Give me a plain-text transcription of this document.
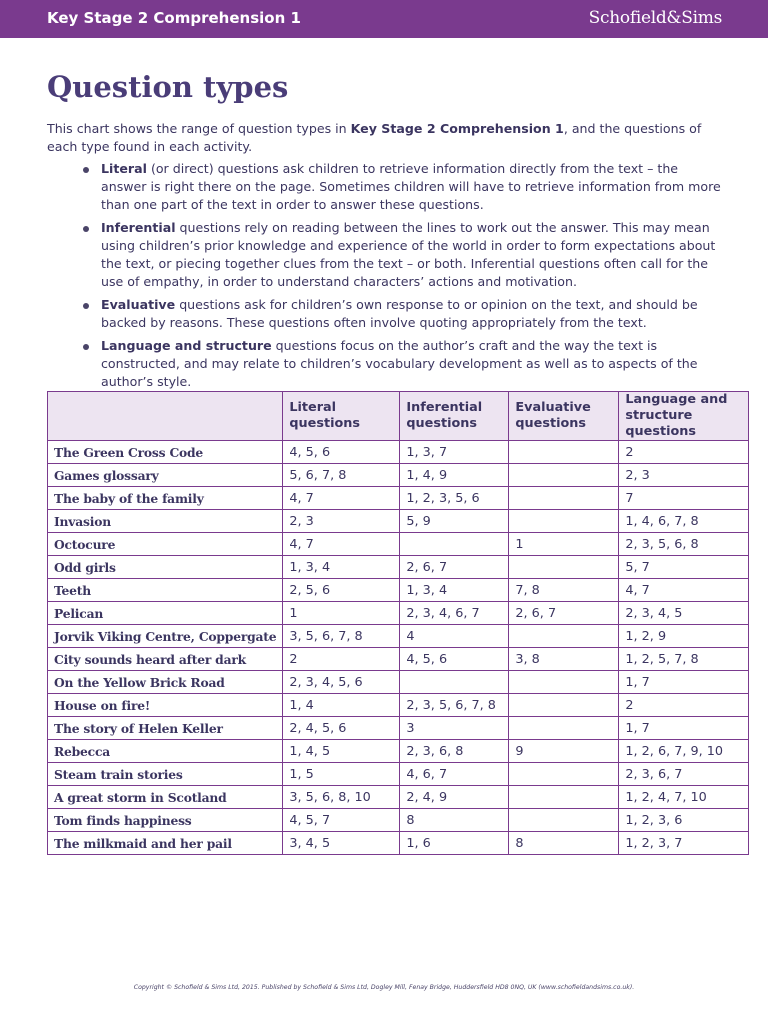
Key Stage 2 Comprehension 1	Schofield&Sims
Question types

This chart shows the range of question types in Key Stage 2 Comprehension 1, and the questions of each type found in each activity.

Literal (or direct) questions ask children to retrieve information directly from the text – the answer is right there on the page. Sometimes children will have to retrieve information from more than one part of the text in order to answer these questions.
Inferential questions rely on reading between the lines to work out the answer. This may mean using children’s prior knowledge and experience of the world in order to form expectations about the text, or piecing together clues from the text – or both. Inferential questions often call for the use of empathy, in order to understand characters’ actions and motivation.
Evaluative questions ask for children’s own response to or opinion on the text, and should be backed by reasons. These questions often involve quoting appropriately from the text.
Language and structure questions focus on the author’s craft and the way the text is constructed, and may relate to children’s vocabulary development as well as to aspects of the author’s style.
	Literal questions	Inferential questions	Evaluative questions	Language and structure questions
The Green Cross Code	4, 5, 6	1, 3, 7		2
Games glossary	5, 6, 7, 8	1, 4, 9		2, 3
The baby of the family	4, 7	1, 2, 3, 5, 6		7
Invasion	2, 3	5, 9		1, 4, 6, 7, 8
Octocure	4, 7		1	2, 3, 5, 6, 8
Odd girls	1, 3, 4	2, 6, 7		5, 7
Teeth	2, 5, 6	1, 3, 4	7, 8	4, 7
Pelican	1	2, 3, 4, 6, 7	2, 6, 7	2, 3, 4, 5
Jorvik Viking Centre, Coppergate	3, 5, 6, 7, 8	4		1, 2, 9
City sounds heard after dark	2	4, 5, 6	3, 8	1, 2, 5, 7, 8
On the Yellow Brick Road	2, 3, 4, 5, 6			1, 7
House on fire!	1, 4	2, 3, 5, 6, 7, 8		2
The story of Helen Keller	2, 4, 5, 6	3		1, 7
Rebecca	1, 4, 5	2, 3, 6, 8	9	1, 2, 6, 7, 9, 10
Steam train stories	1, 5	4, 6, 7		2, 3, 6, 7
A great storm in Scotland	3, 5, 6, 8, 10	2, 4, 9		1, 2, 4, 7, 10
Tom finds happiness	4, 5, 7	8		1, 2, 3, 6
The milkmaid and her pail	3, 4, 5	1, 6	8	1, 2, 3, 7
Copyright © Schofield & Sims Ltd, 2015. Published by Schofield & Sims Ltd, Dogley Mill, Fenay Bridge, Huddersfield HD8 0NQ, UK (www.schofieldandsims.co.uk).
